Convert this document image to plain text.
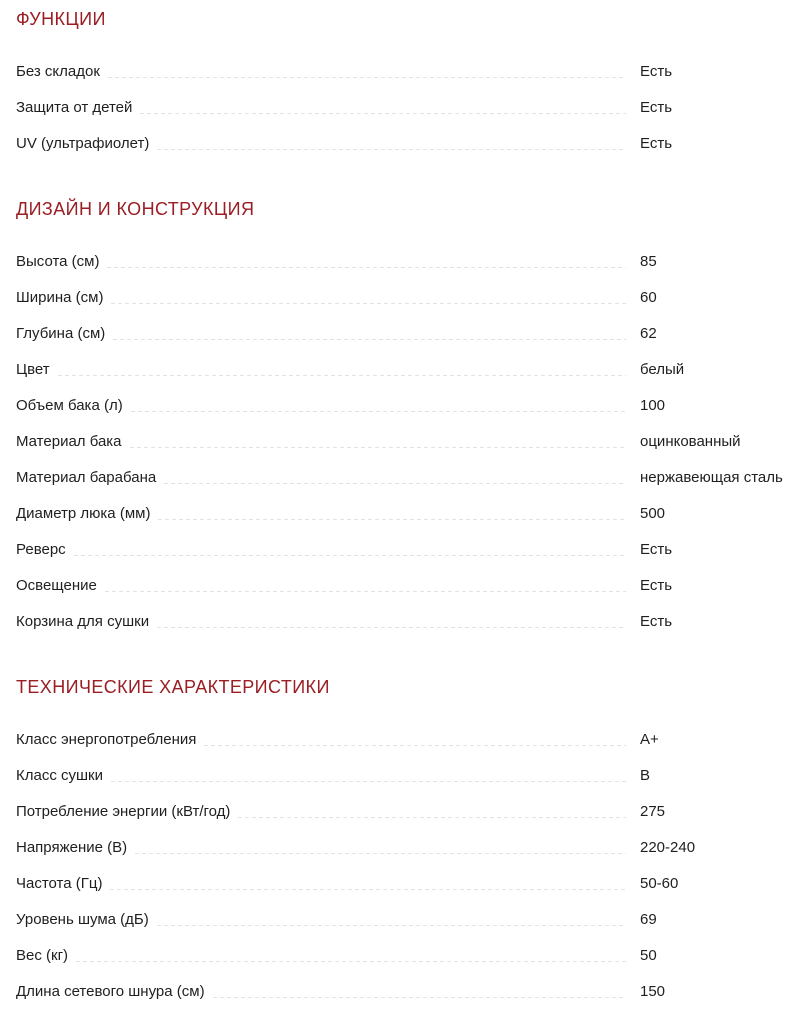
ФУНКЦИИ
Без складок	Есть
Защита от детей	Есть
UV (ультрафиолет)	Есть
ДИЗАЙН И КОНСТРУКЦИЯ
Высота (см)	85
Ширина (см)	60
Глубина (см)	62
Цвет	белый
Объем бака (л)	100
Материал бака	оцинкованный
Материал барабана	нержавеющая сталь
Диаметр люка (мм)	500
Реверс	Есть
Освещение	Есть
Корзина для сушки	Есть
ТЕХНИЧЕСКИЕ ХАРАКТЕРИСТИКИ
Класс энергопотребления	A+
Класс сушки	B
Потребление энергии (кВт/год)	275
Напряжение (В)	220-240
Частота (Гц)	50-60
Уровень шума (дБ)	69
Вес (кг)	50
Длина сетевого шнура (см)	150
